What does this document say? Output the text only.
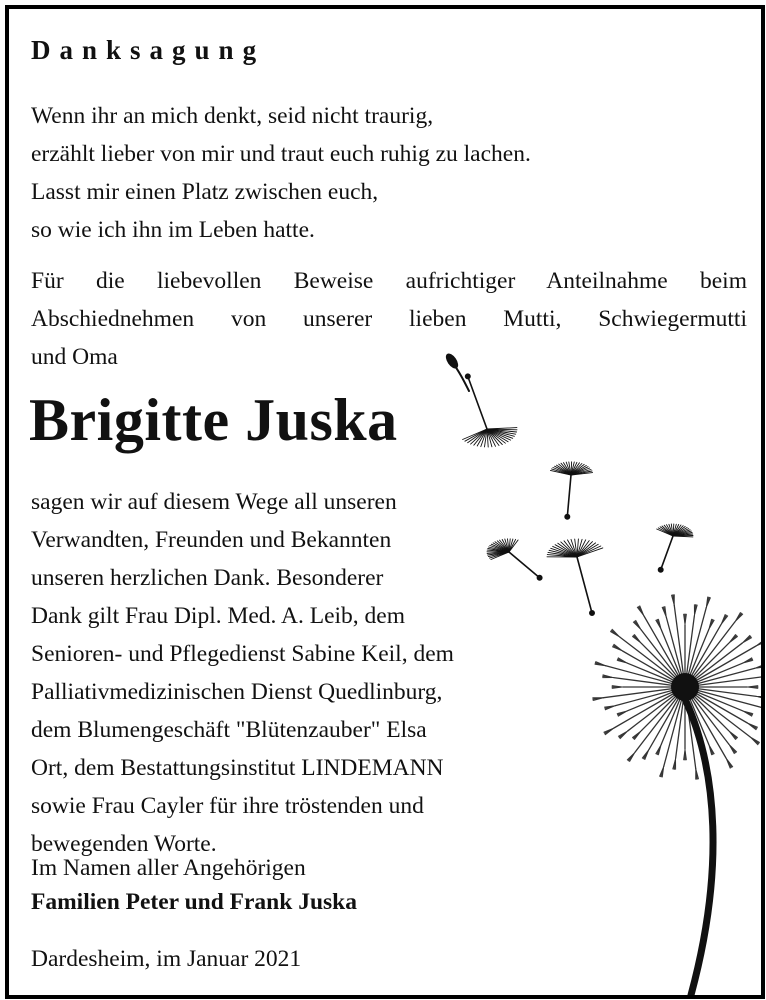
Danksagung
Wenn ihr an mich denkt, seid nicht traurig,
erzählt lieber von mir und traut euch ruhig zu lachen.
Lasst mir einen Platz zwischen euch,
so wie ich ihn im Leben hatte.
Für die liebevollen Beweise aufrichtiger Anteilnahme beim
Abschiednehmen von unserer lieben Mutti, Schwiegermutti
und Oma
Brigitte Juska
sagen wir auf diesem Wege all unseren
Verwandten, Freunden und Bekannten
unseren herzlichen Dank. Besonderer
Dank gilt Frau Dipl. Med. A. Leib, dem
Senioren- und Pflegedienst Sabine Keil, dem
Palliativmedizinischen Dienst Quedlinburg,
dem Blumengeschäft "Blütenzauber" Elsa
Ort, dem Bestattungsinstitut LINDEMANN
sowie Frau Cayler für ihre tröstenden und
bewegenden Worte.
Im Namen aller Angehörigen
Familien Peter und Frank Juska
Dardesheim, im Januar 2021
